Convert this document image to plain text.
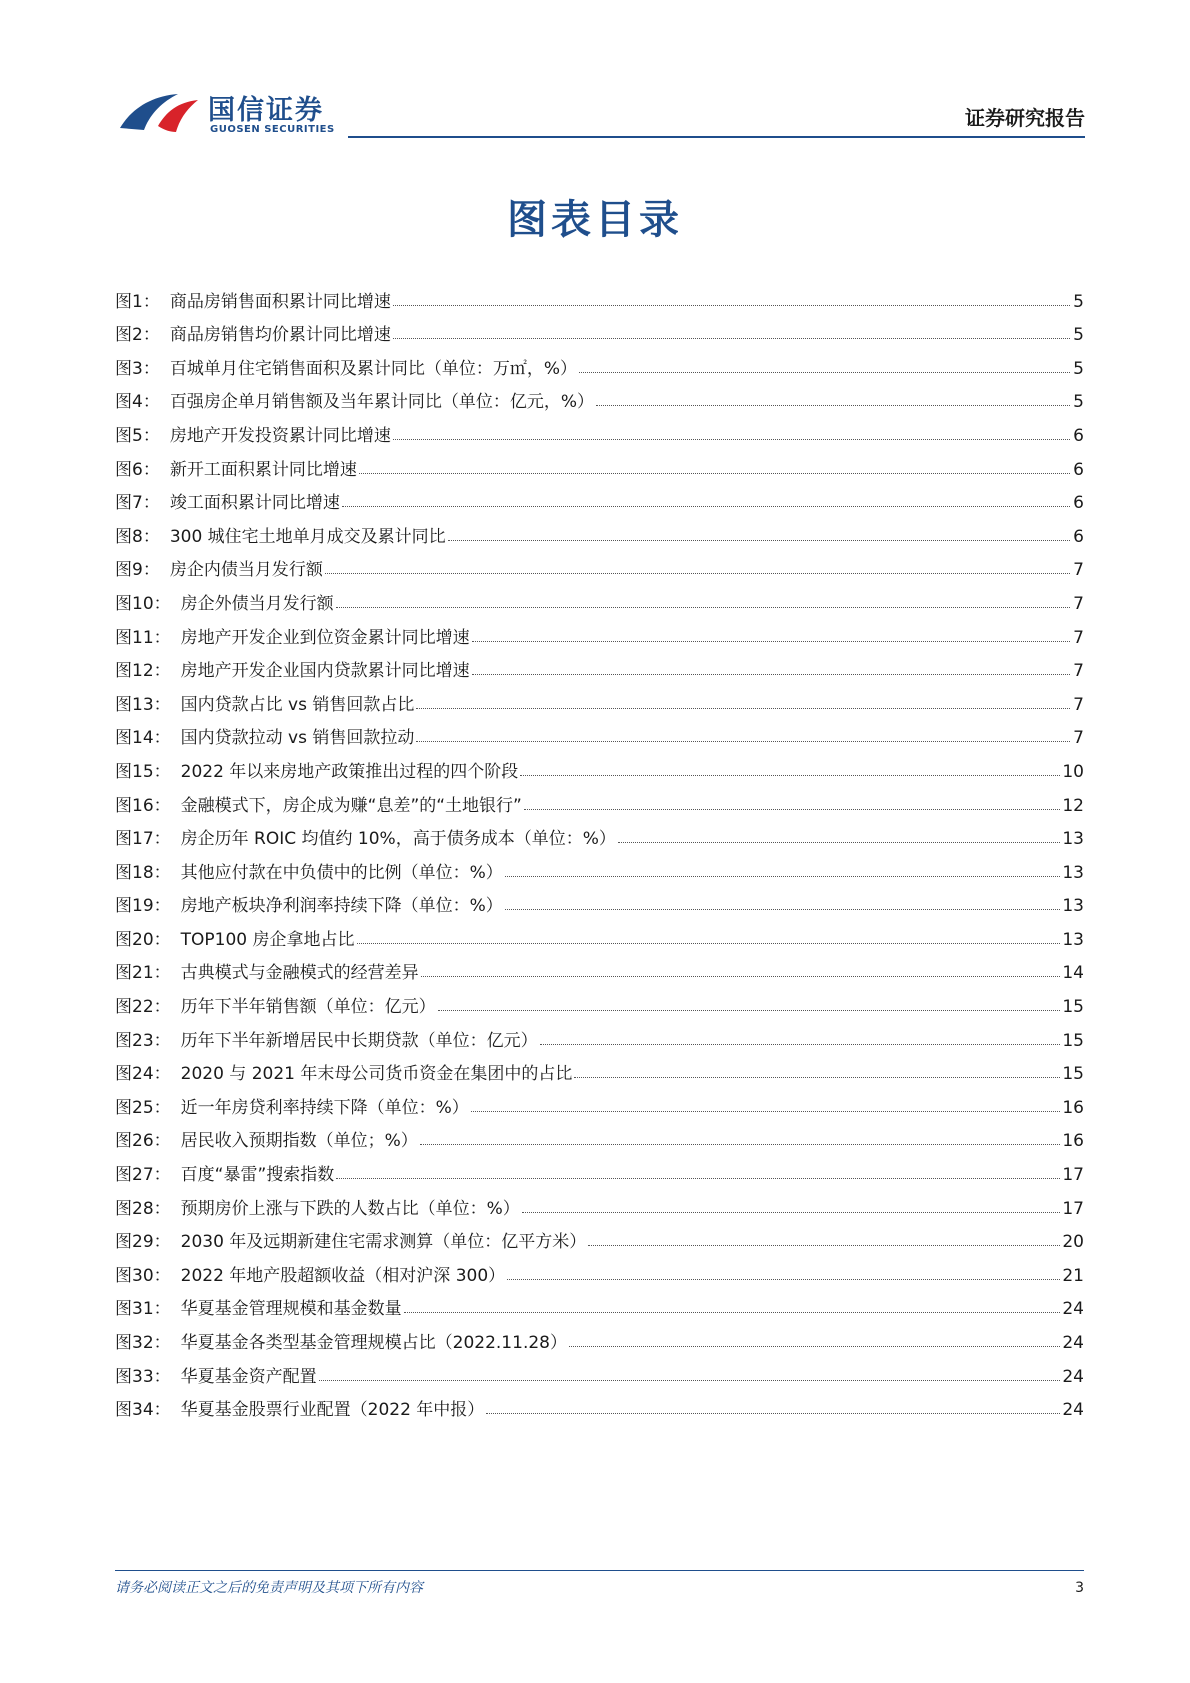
国信证券
GUOSEN SECURITIES	证券研究报告
图表目录
图1： 商品房销售面积累计同比增速	5
图2： 商品房销售均价累计同比增速	5
图3： 百城单月住宅销售面积及累计同比（单位：万㎡，%）	5
图4： 百强房企单月销售额及当年累计同比（单位：亿元，%）	5
图5： 房地产开发投资累计同比增速	6
图6： 新开工面积累计同比增速	6
图7： 竣工面积累计同比增速	6
图8： 300 城住宅土地单月成交及累计同比	6
图9： 房企内债当月发行额	7
图10： 房企外债当月发行额	7
图11： 房地产开发企业到位资金累计同比增速	7
图12： 房地产开发企业国内贷款累计同比增速	7
图13： 国内贷款占比 vs 销售回款占比	7
图14： 国内贷款拉动 vs 销售回款拉动	7
图15： 2022 年以来房地产政策推出过程的四个阶段	10
图16： 金融模式下，房企成为赚“息差”的“土地银行”	12
图17： 房企历年 ROIC 均值约 10%，高于债务成本（单位：%）	13
图18： 其他应付款在中负债中的比例（单位：%）	13
图19： 房地产板块净利润率持续下降（单位：%）	13
图20： TOP100 房企拿地占比	13
图21： 古典模式与金融模式的经营差异	14
图22： 历年下半年销售额（单位：亿元）	15
图23： 历年下半年新增居民中长期贷款（单位：亿元）	15
图24： 2020 与 2021 年末母公司货币资金在集团中的占比	15
图25： 近一年房贷利率持续下降（单位：%）	16
图26： 居民收入预期指数（单位；%）	16
图27： 百度“暴雷”搜索指数	17
图28： 预期房价上涨与下跌的人数占比（单位：%）	17
图29： 2030 年及远期新建住宅需求测算（单位：亿平方米）	20
图30： 2022 年地产股超额收益（相对沪深 300）	21
图31： 华夏基金管理规模和基金数量	24
图32： 华夏基金各类型基金管理规模占比（2022.11.28）	24
图33： 华夏基金资产配置	24
图34： 华夏基金股票行业配置（2022 年中报）	24
请务必阅读正文之后的免责声明及其项下所有内容	3
